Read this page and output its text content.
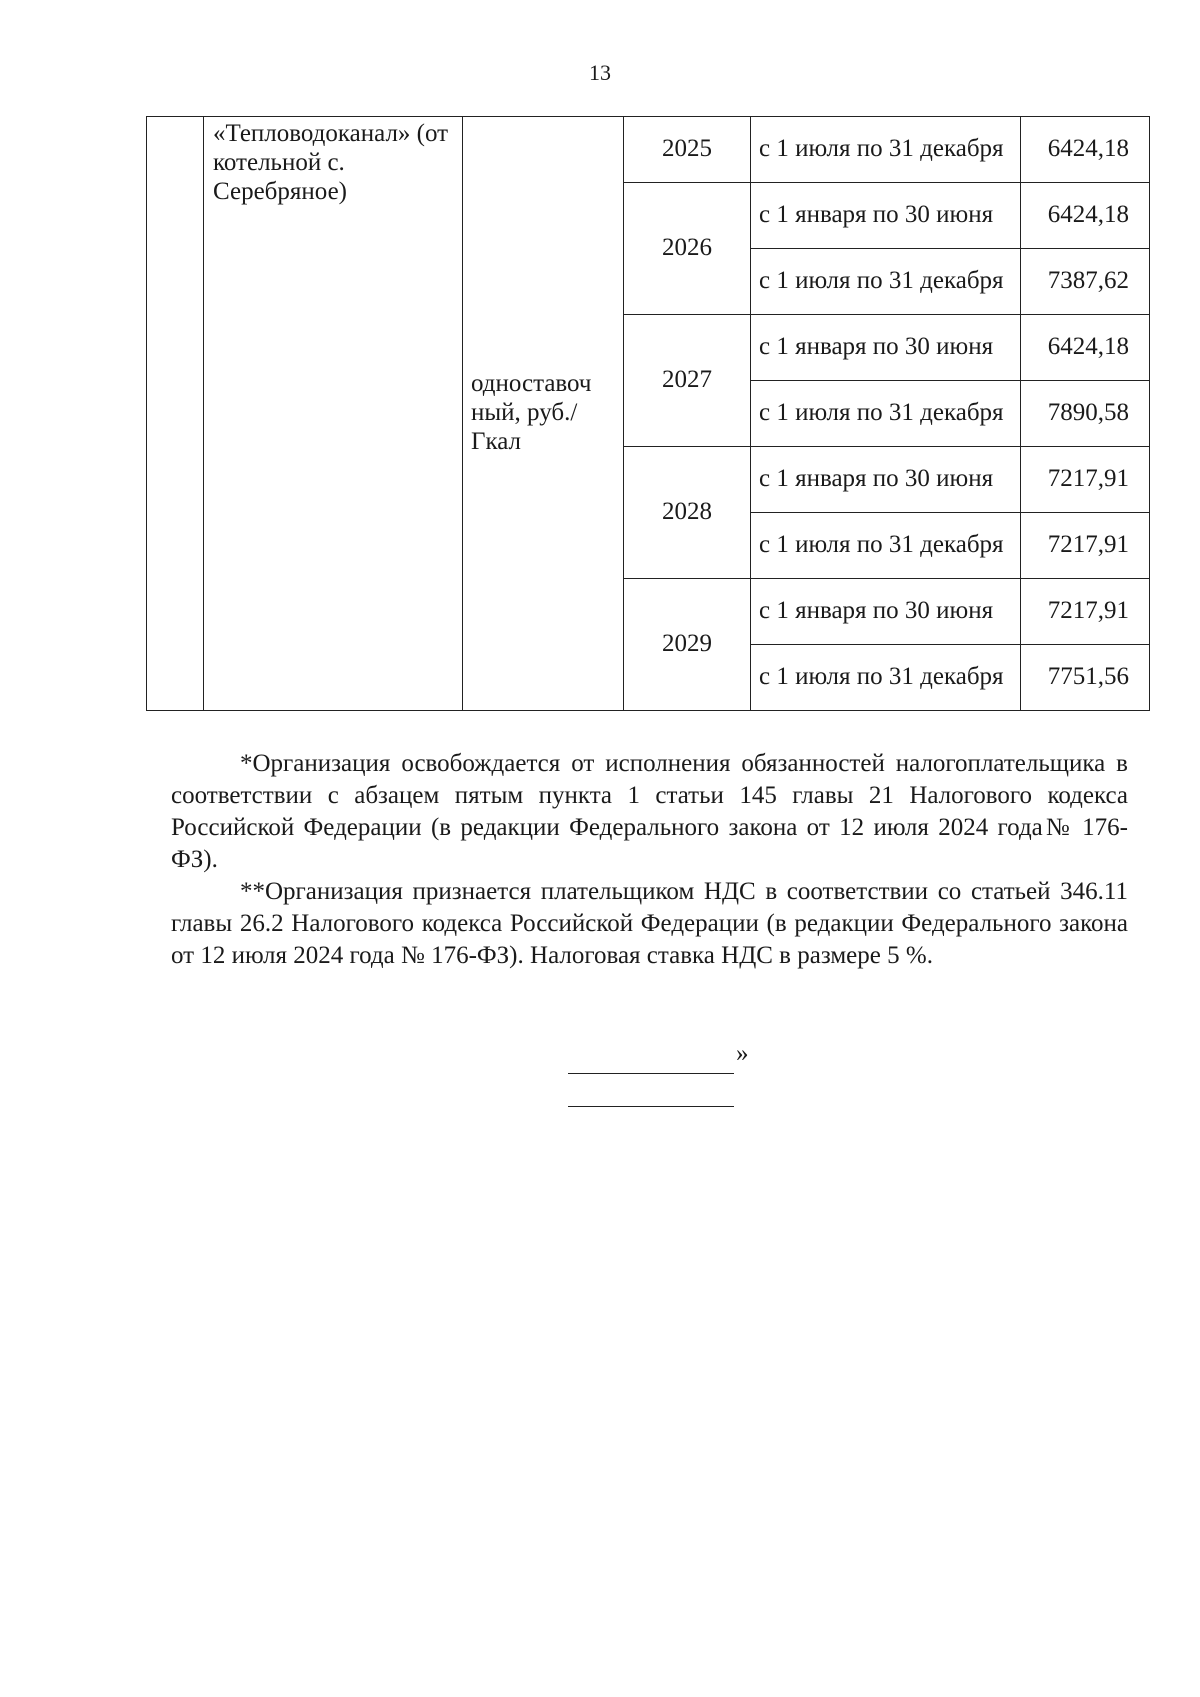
13
	«Тепловодоканал» (от котельной с. Серебряное)	одноставоч ный, руб./Гкал	2025	с 1 июля по 31 декабря	6424,18
			2026	с 1 января по 30 июня	6424,18
				с 1 июля по 31 декабря	7387,62
			2027	с 1 января по 30 июня	6424,18
				с 1 июля по 31 декабря	7890,58
			2028	с 1 января по 30 июня	7217,91
				с 1 июля по 31 декабря	7217,91
			2029	с 1 января по 30 июня	7217,91
				с 1 июля по 31 декабря	7751,56

*Организация освобождается от исполнения обязанностей налогоплательщика в соответствии с абзацем пятым пункта 1 статьи 145 главы 21 Налогового кодекса Российской Федерации (в редакции Федерального закона от 12 июля 2024 года№ 176-ФЗ).

**Организация признается плательщиком НДС в соответствии со статьей 346.11 главы 26.2 Налогового кодекса Российской Федерации (в редакции Федерального закона от 12 июля 2024 года № 176-ФЗ). Налоговая ставка НДС в размере 5 %.

»
